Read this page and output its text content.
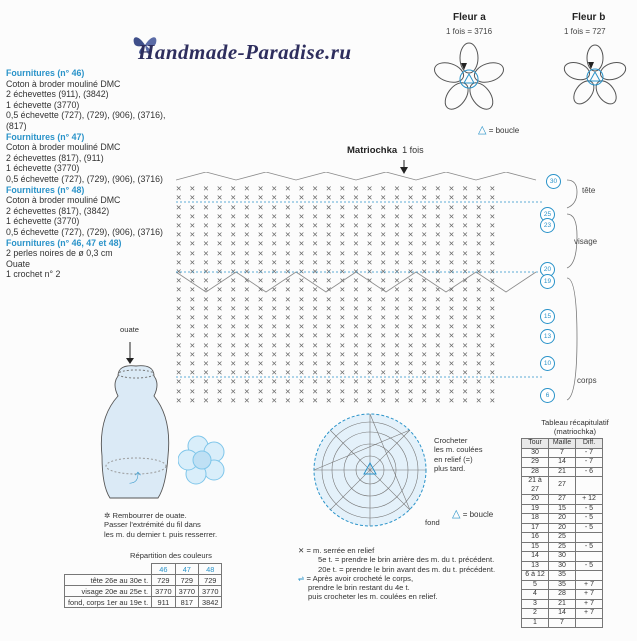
Handmade-Paradise.ru
Fleur a
1 fois = 3716
Fleur b
1 fois = 727
△ = boucle
Fournitures (n° 46)
Coton à broder mouliné DMC
2 échevettes (911), (3842)
1 échevette (3770)
0,5 échevette (727), (729), (906), (3716),
(817)
Fournitures (n° 47)
Coton à broder mouliné DMC
2 échevettes (817), (911)
1 échevette (3770)
0,5 échevette (727), (729), (906), (3716)
Fournitures (n° 48)
Coton à broder mouliné DMC
2 échevettes (817), (3842)
1 échevette (3770)
0,5 échevette (727), (729), (906), (3716)
Fournitures (n° 46, 47 et 48)
2 perles noires de ø 0,3 cm
Ouate
1 crochet n° 2
Matriochka 1 fois

✕ ✕ ✕ ✕ ✕ ✕ ✕ ✕ ✕ ✕ ✕ ✕ ✕ ✕ ✕ ✕ ✕ ✕ ✕ ✕ ✕ ✕ ✕ ✕
✕ ✕ ✕ ✕ ✕ ✕ ✕ ✕ ✕ ✕ ✕ ✕ ✕ ✕ ✕ ✕ ✕ ✕ ✕ ✕ ✕ ✕ ✕ ✕
✕ ✕ ✕ ✕ ✕ ✕ ✕ ✕ ✕ ✕ ✕ ✕ ✕ ✕ ✕ ✕ ✕ ✕ ✕ ✕ ✕ ✕ ✕ ✕
✕ ✕ ✕ ✕ ✕ ✕ ✕ ✕ ✕ ✕ ✕ ✕ ✕ ✕ ✕ ✕ ✕ ✕ ✕ ✕ ✕ ✕ ✕ ✕
✕ ✕ ✕ ✕ ✕ ✕ ✕ ✕ ✕ ✕ ✕ ✕ ✕ ✕ ✕ ✕ ✕ ✕ ✕ ✕ ✕ ✕ ✕ ✕
✕ ✕ ✕ ✕ ✕ ✕ ✕ ✕ ✕ ✕ ✕ ✕ ✕ ✕ ✕ ✕ ✕ ✕ ✕ ✕ ✕ ✕ ✕ ✕
✕ ✕ ✕ ✕ ✕ ✕ ✕ ✕ ✕ ✕ ✕ ✕ ✕ ✕ ✕ ✕ ✕ ✕ ✕ ✕ ✕ ✕ ✕ ✕
✕ ✕ ✕ ✕ ✕ ✕ ✕ ✕ ✕ ✕ ✕ ✕ ✕ ✕ ✕ ✕ ✕ ✕ ✕ ✕ ✕ ✕ ✕ ✕
✕ ✕ ✕ ✕ ✕ ✕ ✕ ✕ ✕ ✕ ✕ ✕ ✕ ✕ ✕ ✕ ✕ ✕ ✕ ✕ ✕ ✕ ✕ ✕
✕ ✕ ✕ ✕ ✕ ✕ ✕ ✕ ✕ ✕ ✕ ✕ ✕ ✕ ✕ ✕ ✕ ✕ ✕ ✕ ✕ ✕ ✕ ✕
✕ ✕ ✕ ✕ ✕ ✕ ✕ ✕ ✕ ✕ ✕ ✕ ✕ ✕ ✕ ✕ ✕ ✕ ✕ ✕ ✕ ✕ ✕ ✕
✕ ✕ ✕ ✕ ✕ ✕ ✕ ✕ ✕ ✕ ✕ ✕ ✕ ✕ ✕ ✕ ✕ ✕ ✕ ✕ ✕ ✕ ✕ ✕
✕ ✕ ✕ ✕ ✕ ✕ ✕ ✕ ✕ ✕ ✕ ✕ ✕ ✕ ✕ ✕ ✕ ✕ ✕ ✕ ✕ ✕ ✕ ✕
✕ ✕ ✕ ✕ ✕ ✕ ✕ ✕ ✕ ✕ ✕ ✕ ✕ ✕ ✕ ✕ ✕ ✕ ✕ ✕ ✕ ✕ ✕ ✕
✕ ✕ ✕ ✕ ✕ ✕ ✕ ✕ ✕ ✕ ✕ ✕ ✕ ✕ ✕ ✕ ✕ ✕ ✕ ✕ ✕ ✕ ✕ ✕
✕ ✕ ✕ ✕ ✕ ✕ ✕ ✕ ✕ ✕ ✕ ✕ ✕ ✕ ✕ ✕ ✕ ✕ ✕ ✕ ✕ ✕ ✕ ✕
✕ ✕ ✕ ✕ ✕ ✕ ✕ ✕ ✕ ✕ ✕ ✕ ✕ ✕ ✕ ✕ ✕ ✕ ✕ ✕ ✕ ✕ ✕ ✕
✕ ✕ ✕ ✕ ✕ ✕ ✕ ✕ ✕ ✕ ✕ ✕ ✕ ✕ ✕ ✕ ✕ ✕ ✕ ✕ ✕ ✕ ✕ ✕
✕ ✕ ✕ ✕ ✕ ✕ ✕ ✕ ✕ ✕ ✕ ✕ ✕ ✕ ✕ ✕ ✕ ✕ ✕ ✕ ✕ ✕ ✕ ✕
✕ ✕ ✕ ✕ ✕ ✕ ✕ ✕ ✕ ✕ ✕ ✕ ✕ ✕ ✕ ✕ ✕ ✕ ✕ ✕ ✕ ✕ ✕ ✕
✕ ✕ ✕ ✕ ✕ ✕ ✕ ✕ ✕ ✕ ✕ ✕ ✕ ✕ ✕ ✕ ✕ ✕ ✕ ✕ ✕ ✕ ✕ ✕
✕ ✕ ✕ ✕ ✕ ✕ ✕ ✕ ✕ ✕ ✕ ✕ ✕ ✕ ✕ ✕ ✕ ✕ ✕ ✕ ✕ ✕ ✕ ✕
✕ ✕ ✕ ✕ ✕ ✕ ✕ ✕ ✕ ✕ ✕ ✕ ✕ ✕ ✕ ✕ ✕ ✕ ✕ ✕ ✕ ✕ ✕ ✕
✕ ✕ ✕ ✕ ✕ ✕ ✕ ✕ ✕ ✕ ✕ ✕ ✕ ✕ ✕ ✕ ✕ ✕ ✕ ✕ ✕ ✕ ✕ ✕

30
25
23
20
19
15
13
10
6
tête
visage
corps
ouate
⤴
✲ Rembourrer de ouate.
Passer l'extrémité du fil dans
les m. du dernier t. puis resserrer.
Crocheter
les m. coulées
en relief (=)
plus tard.
fond
△ = boucle
Répartition des couleurs
	46	47	48
tête 26e au 30e t.	729	729	729
visage 20e au 25e t.	3770	3770	3770
fond, corps 1er au 19e t.	911	817	3842
✕ = m. serrée en relief
5e t. = prendre le brin arrière des m. du t. précédent.
20e t. = prendre le brin avant des m. du t. précédent.
⇌ = Après avoir crocheté le corps,
prendre le brin restant du 4e t.
puis crocheter les m. coulées en relief.
Tableau récapitulatif
(matriochka)
Tour	Maille	Diff.
30	7	- 7
29	14	- 7
28	21	- 6
21 à 27	27	
20	27	+ 12
19	15	- 5
18	20	- 5
17	20	- 5
16	25	
15	25	- 5
14	30	
13	30	- 5
6 à 12	35	
5	35	+ 7
4	28	+ 7
3	21	+ 7
2	14	+ 7
1	7	
